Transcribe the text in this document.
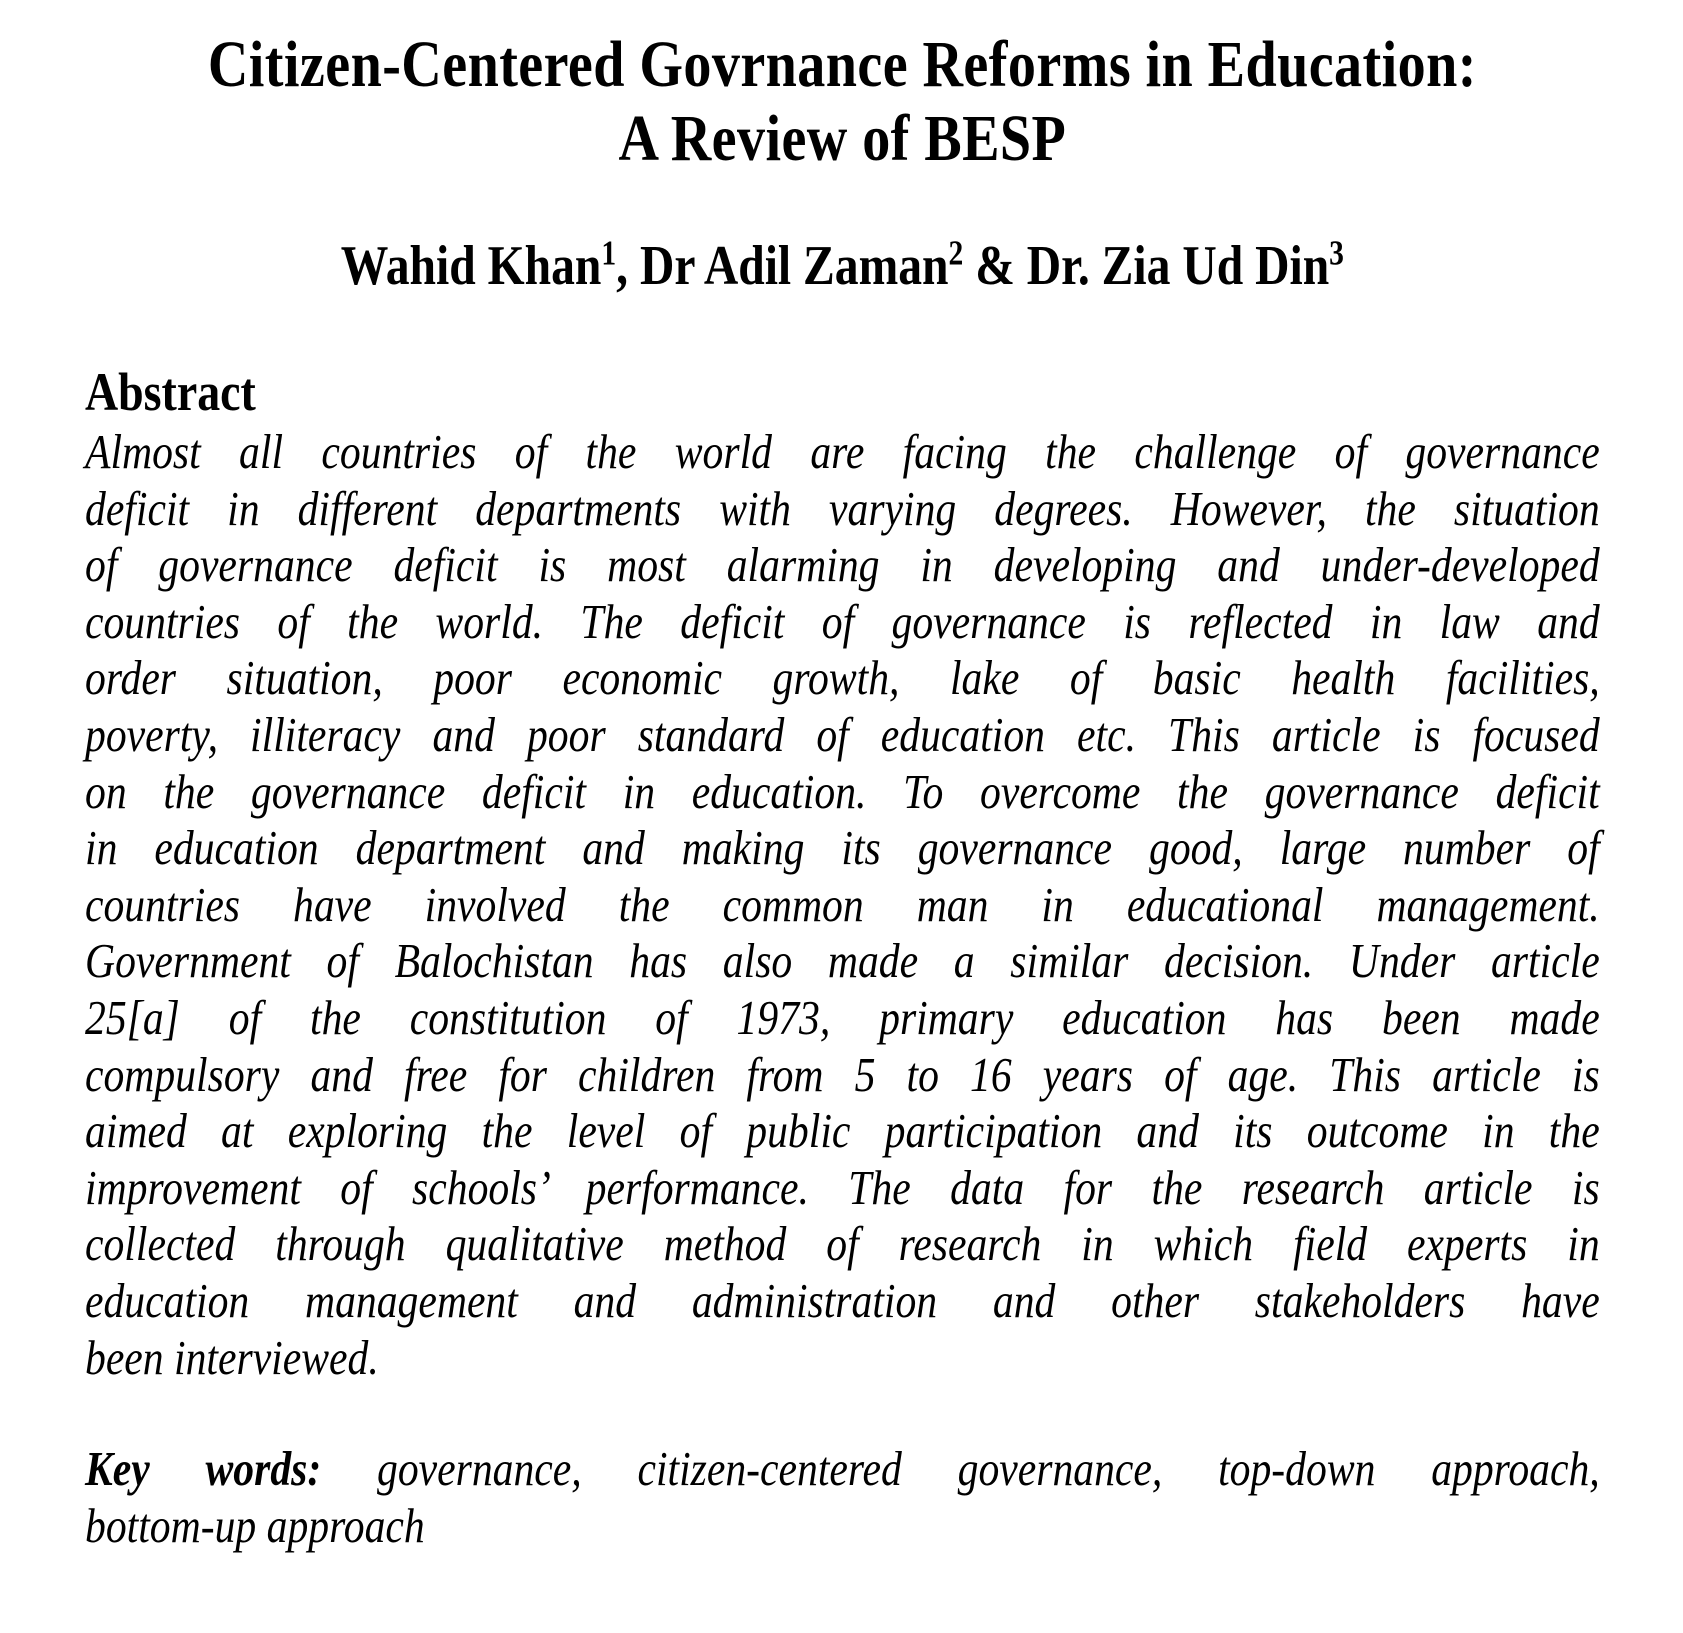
Citizen-Centered Govrnance Reforms in Education:
A Review of BESP
Wahid Khan$^1$, Dr Adil Zaman$^2$ & Dr. Zia Ud Din$^3$
Abstract
Almost all countries of the world are facing the challenge of governance
deficit in different departments with varying degrees. However, the situation
of governance deficit is most alarming in developing and under-developed
countries of the world. The deficit of governance is reflected in law and
order situation, poor economic growth, lake of basic health facilities,
poverty, illiteracy and poor standard of education etc. This article is focused
on the governance deficit in education. To overcome the governance deficit
in education department and making its governance good, large number of
countries have involved the common man in educational management.
Government of Balochistan has also made a similar decision. Under article
25[a] of the constitution of 1973, primary education has been made
compulsory and free for children from 5 to 16 years of age. This article is
aimed at exploring the level of public participation and its outcome in the
improvement of schools’ performance. The data for the research article is
collected through qualitative method of research in which field experts in
education management and administration and other stakeholders have
been interviewed.
Key words: governance, citizen-centered governance, top-down approach,
bottom-up approach
